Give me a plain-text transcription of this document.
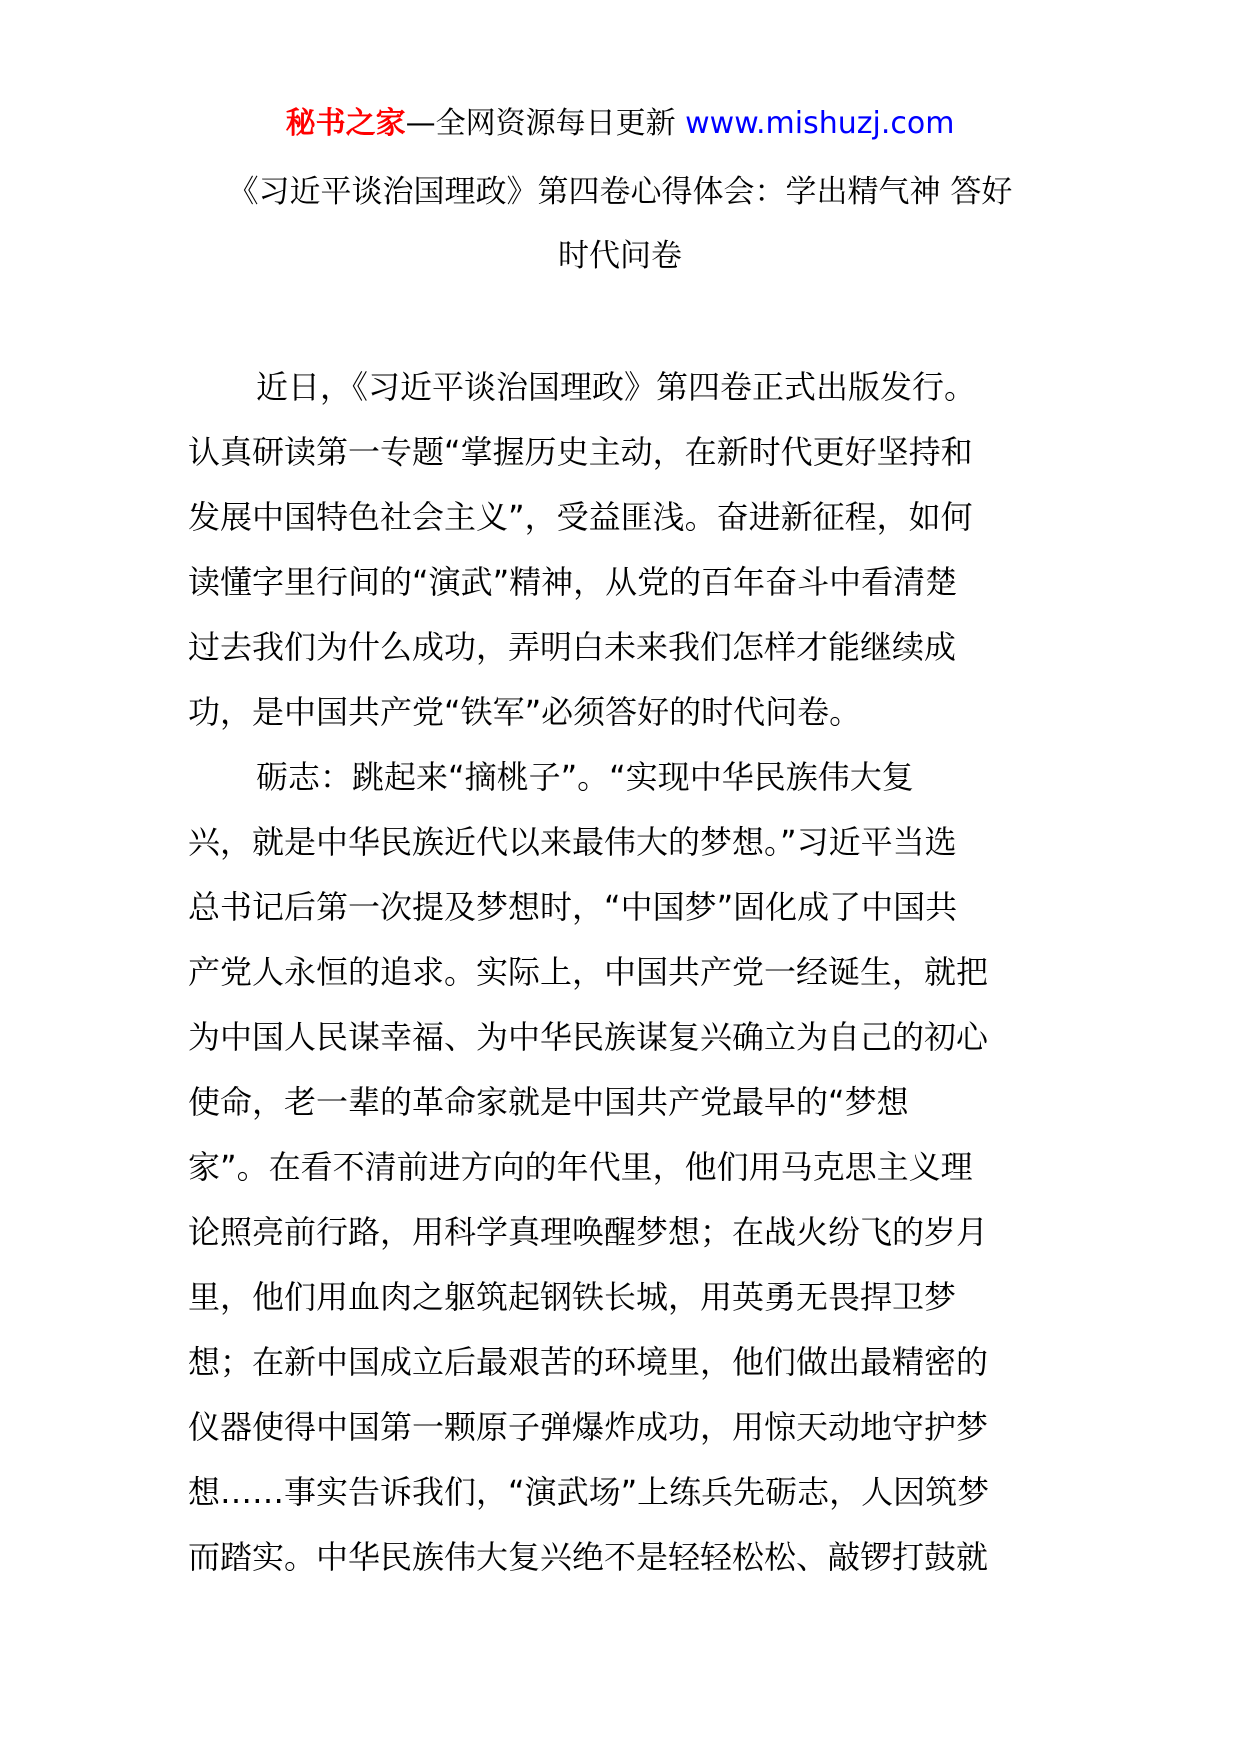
秘书之家—全网资源每日更新 www.mishuzj.com
《习近平谈治国理政》第四卷心得体会：学出精气神 答好
时代问卷
近日，《习近平谈治国理政》第四卷正式出版发行。
认真研读第一专题“掌握历史主动，在新时代更好坚持和
发展中国特色社会主义”，受益匪浅。奋进新征程，如何
读懂字里行间的“演武”精神，从党的百年奋斗中看清楚
过去我们为什么成功，弄明白未来我们怎样才能继续成
功，是中国共产党“铁军”必须答好的时代问卷。
砺志：跳起来“摘桃子”。“实现中华民族伟大复
兴，就是中华民族近代以来最伟大的梦想。”习近平当选
总书记后第一次提及梦想时，“中国梦”固化成了中国共
产党人永恒的追求。实际上，中国共产党一经诞生，就把
为中国人民谋幸福、为中华民族谋复兴确立为自己的初心
使命，老一辈的革命家就是中国共产党最早的“梦想
家”。在看不清前进方向的年代里，他们用马克思主义理
论照亮前行路，用科学真理唤醒梦想；在战火纷飞的岁月
里，他们用血肉之躯筑起钢铁长城，用英勇无畏捍卫梦
想；在新中国成立后最艰苦的环境里，他们做出最精密的
仪器使得中国第一颗原子弹爆炸成功，用惊天动地守护梦
想……事实告诉我们，“演武场”上练兵先砺志，人因筑梦
而踏实。中华民族伟大复兴绝不是轻轻松松、敲锣打鼓就
